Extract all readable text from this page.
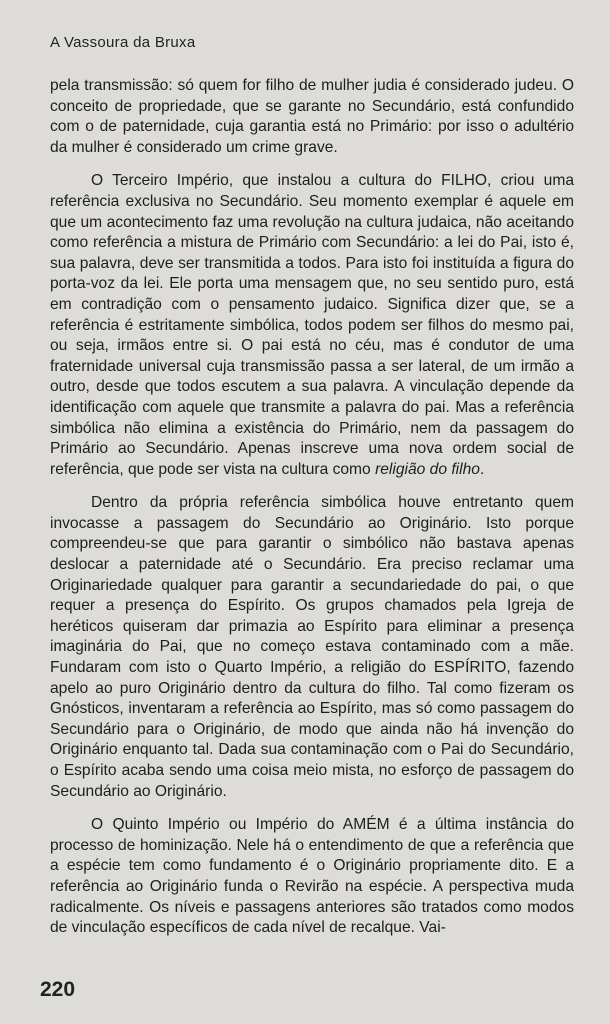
A Vassoura da Bruxa

pela transmissão: só quem for filho de mulher judia é considerado judeu. O conceito de propriedade, que se garante no Secundário, está confundido com o de paternidade, cuja garantia está no Primário: por isso o adultério da mulher é considerado um crime grave.

O Terceiro Império, que instalou a cultura do FILHO, criou uma referência exclusiva no Secundário. Seu momento exemplar é aquele em que um acontecimento faz uma revolução na cultura judaica, não aceitando como referência a mistura de Primário com Secundário: a lei do Pai, isto é, sua palavra, deve ser transmitida a todos. Para isto foi instituída a figura do porta-voz da lei. Ele porta uma mensagem que, no seu sentido puro, está em contradição com o pensamento judaico. Significa dizer que, se a referência é estritamente simbólica, todos podem ser filhos do mesmo pai, ou seja, irmãos entre si. O pai está no céu, mas é condutor de uma fraternidade universal cuja transmissão passa a ser lateral, de um irmão a outro, desde que todos escutem a sua palavra. A vinculação depende da identificação com aquele que transmite a palavra do pai. Mas a referência simbólica não elimina a existência do Primário, nem da passagem do Primário ao Secundário. Apenas inscreve uma nova ordem social de referência, que pode ser vista na cultura como religião do filho.

Dentro da própria referência simbólica houve entretanto quem invocasse a passagem do Secundário ao Originário. Isto porque compreendeu-se que para garantir o simbólico não bastava apenas deslocar a paternidade até o Secundário. Era preciso reclamar uma Originariedade qualquer para garantir a secundariedade do pai, o que requer a presença do Espírito. Os grupos chamados pela Igreja de heréticos quiseram dar primazia ao Espírito para eliminar a presença imaginária do Pai, que no começo estava contaminado com a mãe. Fundaram com isto o Quarto Império, a religião do ESPÍRITO, fazendo apelo ao puro Originário dentro da cultura do filho. Tal como fizeram os Gnósticos, inventaram a referência ao Espírito, mas só como passagem do Secundário para o Originário, de modo que ainda não há invenção do Originário enquanto tal. Dada sua contaminação com o Pai do Secundário, o Espírito acaba sendo uma coisa meio mista, no esforço de passagem do Secundário ao Originário.

O Quinto Império ou Império do AMÉM é a última instância do processo de hominização. Nele há o entendimento de que a referência que a espécie tem como fundamento é o Originário propriamente dito. E a referência ao Originário funda o Revirão na espécie. A perspectiva muda radicalmente. Os níveis e passagens anteriores são tratados como modos de vinculação específicos de cada nível de recalque. Vai-

220
